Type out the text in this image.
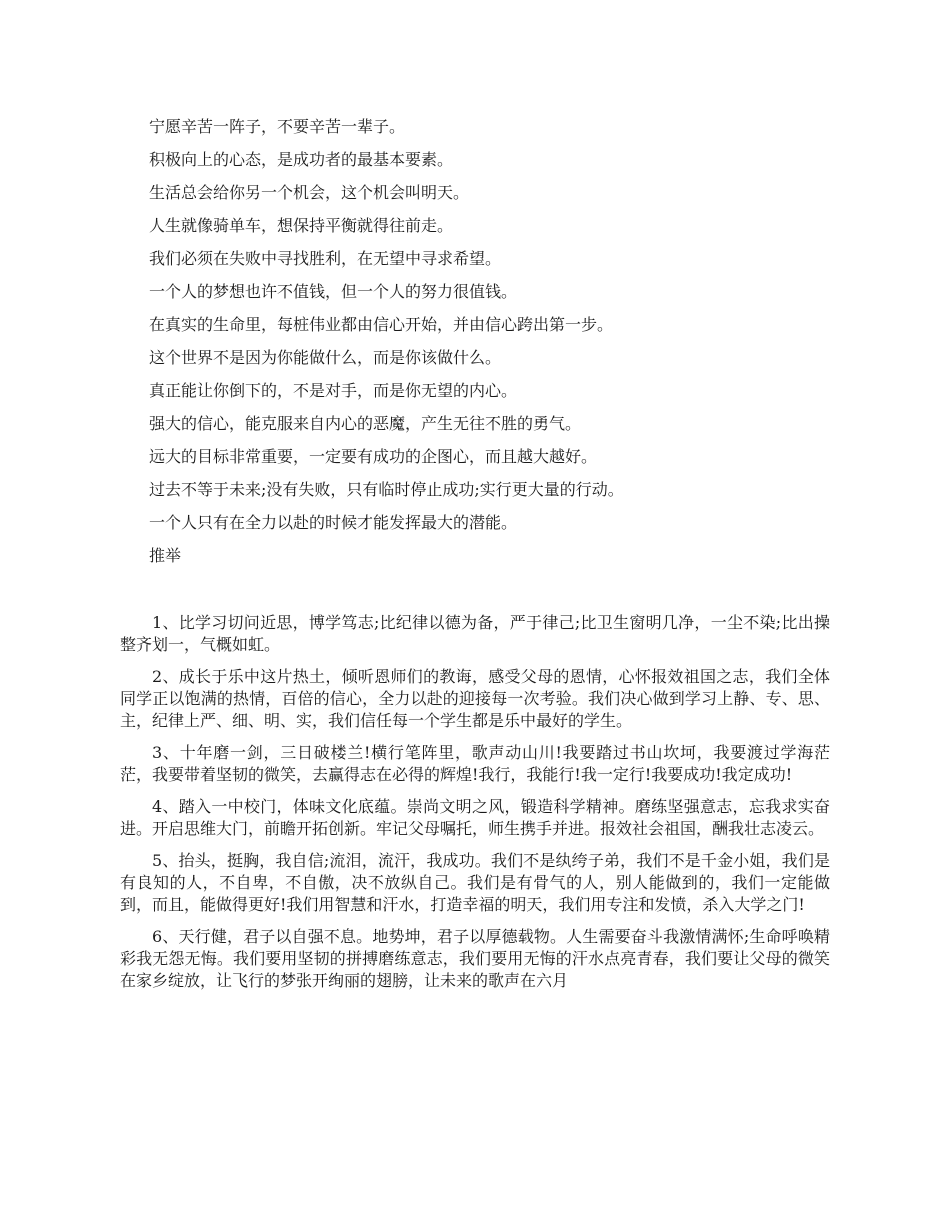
宁愿辛苦一阵子，不要辛苦一辈子。
积极向上的心态，是成功者的最基本要素。
生活总会给你另一个机会，这个机会叫明天。
人生就像骑单车，想保持平衡就得往前走。
我们必须在失败中寻找胜利，在无望中寻求希望。
一个人的梦想也许不值钱，但一个人的努力很值钱。
在真实的生命里，每桩伟业都由信心开始，并由信心跨出第一步。
这个世界不是因为你能做什么，而是你该做什么。
真正能让你倒下的，不是对手，而是你无望的内心。
强大的信心，能克服来自内心的恶魔，产生无往不胜的勇气。
远大的目标非常重要，一定要有成功的企图心，而且越大越好。
过去不等于未来;没有失败，只有临时停止成功;实行更大量的行动。
一个人只有在全力以赴的时候才能发挥最大的潜能。
推举

1、比学习切问近思，博学笃志;比纪律以德为备，严于律己;比卫生窗明几净，一尘不染;比出操整齐划一，气概如虹。

2、成长于乐中这片热土，倾听恩师们的教诲，感受父母的恩情，心怀报效祖国之志，我们全体同学正以饱满的热情，百倍的信心，全力以赴的迎接每一次考验。我们决心做到学习上静、专、思、主，纪律上严、细、明、实，我们信任每一个学生都是乐中最好的学生。

3、十年磨一剑，三日破楼兰!横行笔阵里，歌声动山川!我要踏过书山坎坷，我要渡过学海茫茫，我要带着坚韧的微笑，去赢得志在必得的辉煌!我行，我能行!我一定行!我要成功!我定成功!

4、踏入一中校门，体味文化底蕴。崇尚文明之风，锻造科学精神。磨练坚强意志，忘我求实奋进。开启思维大门，前瞻开拓创新。牢记父母嘱托，师生携手并进。报效社会祖国，酬我壮志凌云。

5、抬头，挺胸，我自信;流泪，流汗，我成功。我们不是纨绔子弟，我们不是千金小姐，我们是有良知的人，不自卑，不自傲，决不放纵自己。我们是有骨气的人，别人能做到的，我们一定能做到，而且，能做得更好!我们用智慧和汗水，打造幸福的明天，我们用专注和发愤，杀入大学之门!

6、天行健，君子以自强不息。地势坤，君子以厚德载物。人生需要奋斗我激情满怀;生命呼唤精彩我无怨无悔。我们要用坚韧的拼搏磨练意志，我们要用无悔的汗水点亮青春，我们要让父母的微笑在家乡绽放，让飞行的梦张开绚丽的翅膀，让未来的歌声在六月
